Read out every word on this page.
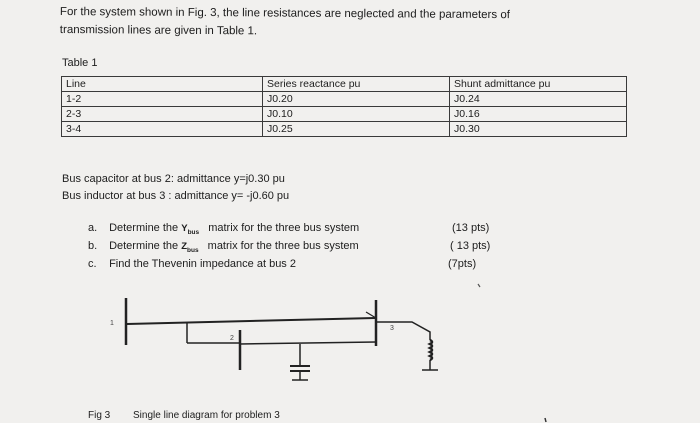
For the system shown in Fig. 3, the line resistances are neglected and the parameters of
transmission lines are given in Table 1.
Table 1
Line	Series reactance pu	Shunt admittance pu
1-2	J0.20	J0.24
2-3	J0.10	J0.16
3-4	J0.25	J0.30
Bus capacitor at bus 2: admittance y=j0.30 pu
Bus inductor at bus 3 : admittance y= -j0.60 pu
a. Determine the $Y_{bus}$ matrix for the three bus system	(13 pts)
b. Determine the $Z_{bus}$ matrix for the three bus system	( 13 pts)
c. Find the Thevenin impedance at bus 2	(7pts)
1
2
3
Fig 3 Single line diagram for problem 3
